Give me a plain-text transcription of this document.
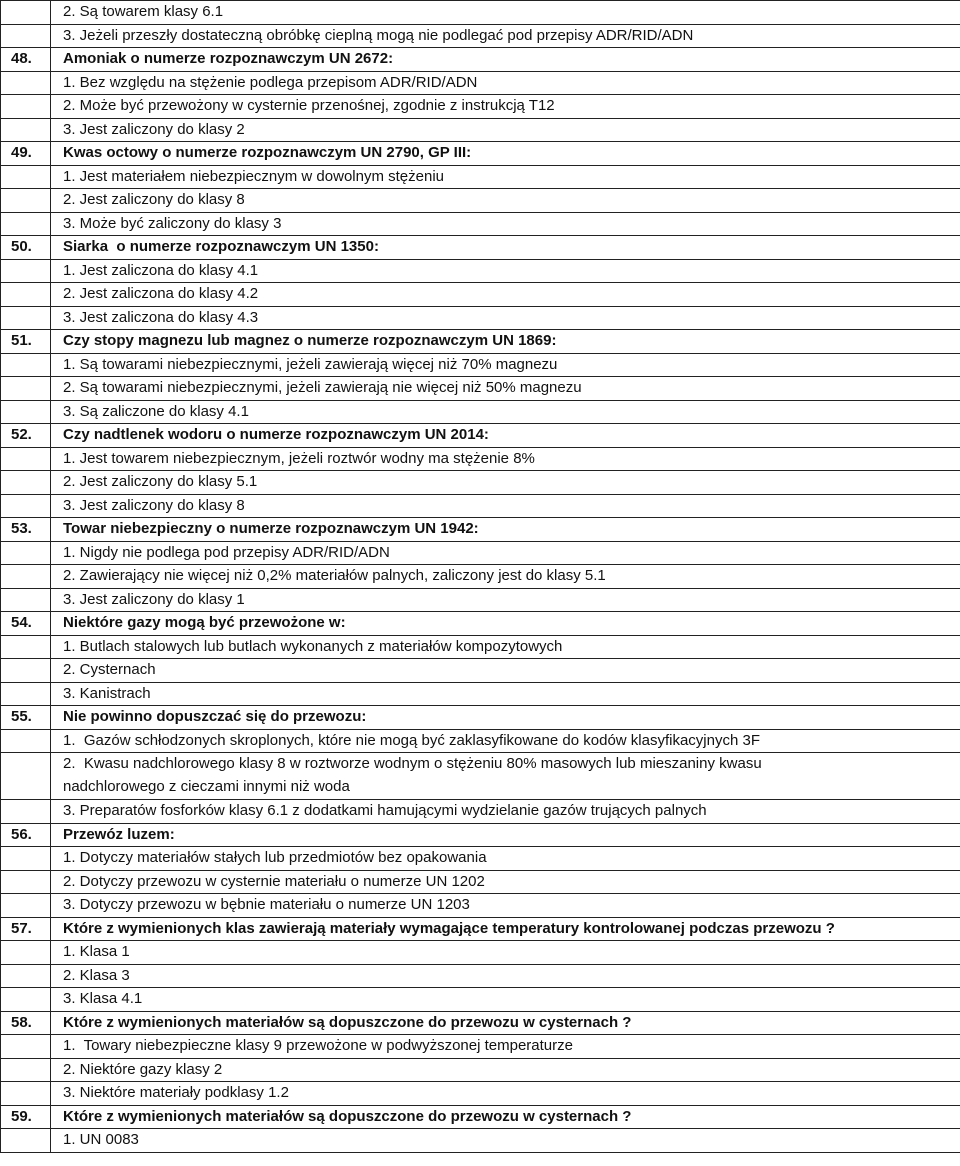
	2. Są towarem klasy 6.1
	3. Jeżeli przeszły dostateczną obróbkę cieplną mogą nie podlegać pod przepisy ADR/RID/ADN
48.	Amoniak o numerze rozpoznawczym UN 2672:
	1. Bez względu na stężenie podlega przepisom ADR/RID/ADN
	2. Może być przewożony w cysternie przenośnej, zgodnie z instrukcją T12
	3. Jest zaliczony do klasy 2
49.	Kwas octowy o numerze rozpoznawczym UN 2790, GP III:
	1. Jest materiałem niebezpiecznym w dowolnym stężeniu
	2. Jest zaliczony do klasy 8
	3. Może być zaliczony do klasy 3
50.	Siarka  o numerze rozpoznawczym UN 1350:
	1. Jest zaliczona do klasy 4.1
	2. Jest zaliczona do klasy 4.2
	3. Jest zaliczona do klasy 4.3
51.	Czy stopy magnezu lub magnez o numerze rozpoznawczym UN 1869:
	1. Są towarami niebezpiecznymi, jeżeli zawierają więcej niż 70% magnezu
	2. Są towarami niebezpiecznymi, jeżeli zawierają nie więcej niż 50% magnezu
	3. Są zaliczone do klasy 4.1
52.	Czy nadtlenek wodoru o numerze rozpoznawczym UN 2014:
	1. Jest towarem niebezpiecznym, jeżeli roztwór wodny ma stężenie 8%
	2. Jest zaliczony do klasy 5.1
	3. Jest zaliczony do klasy 8
53.	Towar niebezpieczny o numerze rozpoznawczym UN 1942:
	1. Nigdy nie podlega pod przepisy ADR/RID/ADN
	2. Zawierający nie więcej niż 0,2% materiałów palnych, zaliczony jest do klasy 5.1
	3. Jest zaliczony do klasy 1
54.	Niektóre gazy mogą być przewożone w:
	1. Butlach stalowych lub butlach wykonanych z materiałów kompozytowych
	2. Cysternach
	3. Kanistrach
55.	Nie powinno dopuszczać się do przewozu:
	1.  Gazów schłodzonych skroplonych, które nie mogą być zaklasyfikowane do kodów klasyfikacyjnych 3F

	2.  Kwasu nadchlorowego klasy 8 w roztworze wodnym o stężeniu 80% masowych lub mieszaniny kwasu
nadchlorowego z cieczami innymi niż woda

	3. Preparatów fosforków klasy 6.1 z dodatkami hamującymi wydzielanie gazów trujących palnych
56.	Przewóz luzem:
	1. Dotyczy materiałów stałych lub przedmiotów bez opakowania
	2. Dotyczy przewozu w cysternie materiału o numerze UN 1202
	3. Dotyczy przewozu w bębnie materiału o numerze UN 1203
57.	Które z wymienionych klas zawierają materiały wymagające temperatury kontrolowanej podczas przewozu ?
	1. Klasa 1
	2. Klasa 3
	3. Klasa 4.1
58.	Które z wymienionych materiałów są dopuszczone do przewozu w cysternach ?
	1.  Towary niebezpieczne klasy 9 przewożone w podwyższonej temperaturze
	2. Niektóre gazy klasy 2
	3. Niektóre materiały podklasy 1.2
59.	Które z wymienionych materiałów są dopuszczone do przewozu w cysternach ?
	1. UN 0083
